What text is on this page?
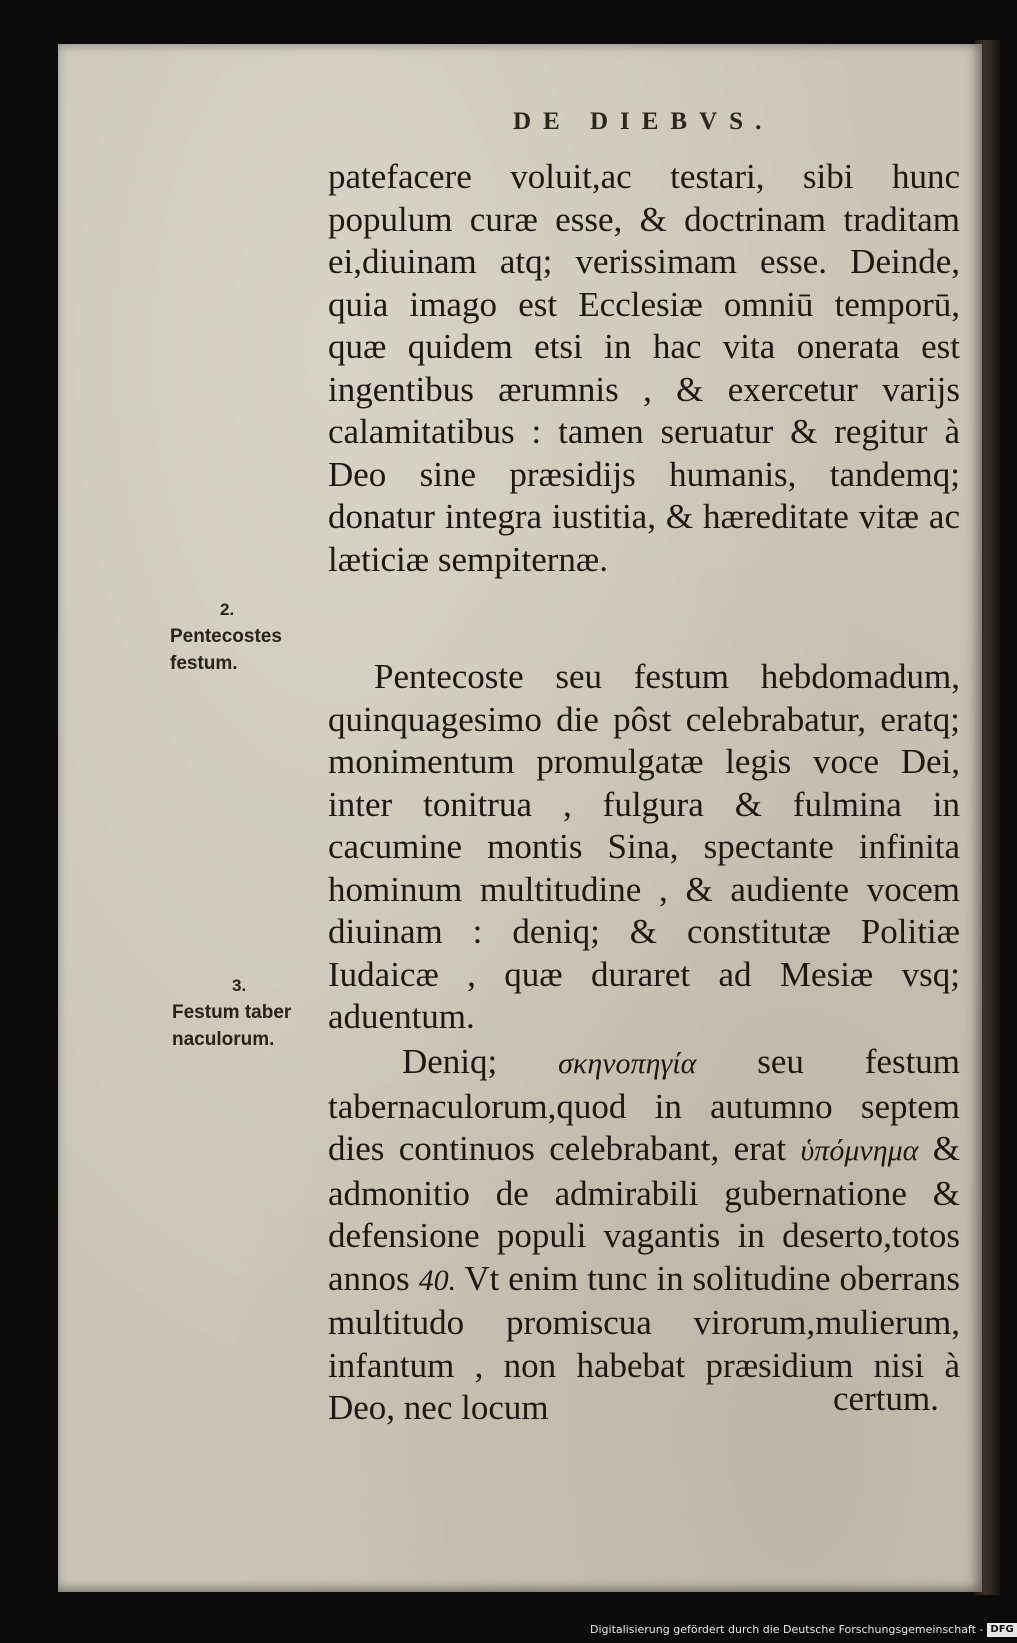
DE DIEBVS.

patefacere voluit,ac testari, sibi hunc populum curæ esse, & doctrinam traditam ei,diuinam atq; verissimam esse. Deinde, quia imago est Ecclesiæ omniū temporū, quæ quidem etsi in hac vita onerata est ingentibus ærumnis , & exercetur varijs calamitatibus : tamen seruatur & regitur à Deo sine præsidijs humanis, tandemq; donatur integra iustitia, & hæreditate vitæ ac læticiæ sempiternæ.

Pentecoste seu festum hebdomadum, quinquagesimo die pôst celebrabatur, eratq; monimentum promulgatæ legis voce Dei, inter tonitrua , fulgura & fulmina in cacumine montis Sina, spectante infinita hominum multitudine , & audiente vocem diuinam : deniq; & constitutæ Politiæ Iudaicæ , quæ duraret ad Mesiæ vsq; aduentum.

Deniq; σκηνοπηγία seu festum tabernaculorum,quod in autumno septem dies continuos celebrabant, erat ὑπόμνημα & admonitio de admirabili gubernatione & defensione populi vagantis in deserto,totos annos 40. Vt enim tunc in solitudine oberrans multitudo promiscua virorum,mulierum, infantum , non habebat præsidium nisi à Deo, nec locum	certum.
2.
Pentecostes
festum.
3.
Festum taber
naculorum.
Digitalisierung gefördert durch die Deutsche Forschungsgemeinschaft - DFG
